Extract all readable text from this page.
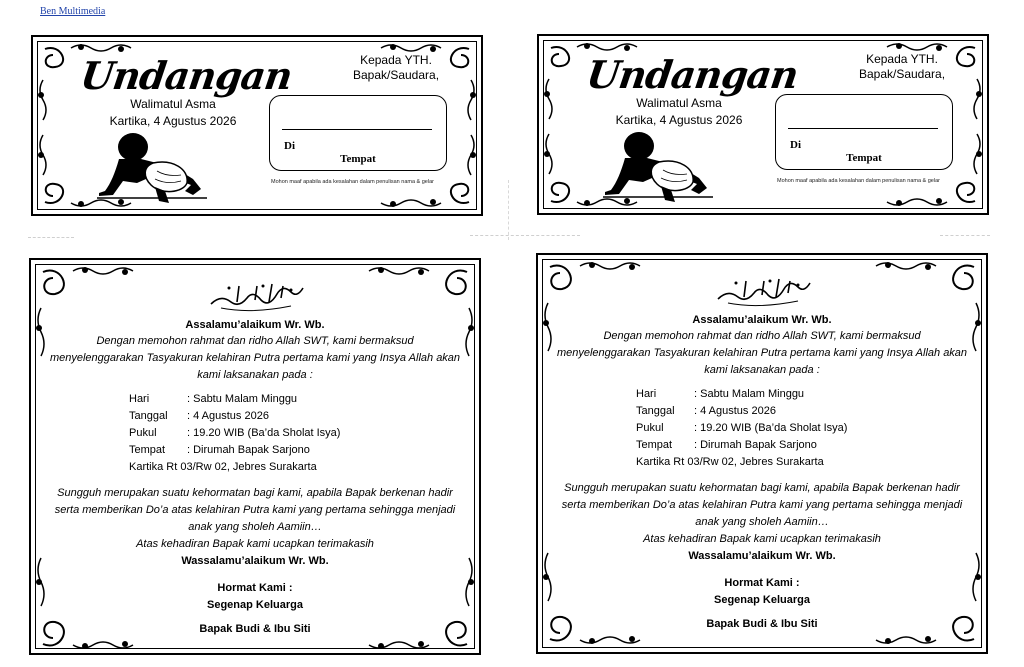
Ben Multimedia
Undangan
Walimatul Asma
Kartika, 4 Agustus 2026
Kepada YTH.
Bapak/Saudara,
Di
Tempat
Mohon maaf apabila ada kesalahan dalam penulisan nama & gelar
Undangan
Walimatul Asma
Kartika, 4 Agustus 2026
Kepada YTH.
Bapak/Saudara,
Di
Tempat
Mohon maaf apabila ada kesalahan dalam penulisan nama & gelar
Assalamu’alaikum Wr. Wb.
Dengan memohon rahmat dan ridho Allah SWT, kami bermaksud
menyelenggarakan Tasyakuran kelahiran Putra pertama kami yang Insya Allah akan
kami laksanakan pada :
Hari	: Sabtu Malam Minggu
Tanggal : 4 Agustus 2026
Pukul	: 19.20 WIB (Ba’da Sholat Isya)
Tempat : Dirumah Bapak Sarjono
Kartika Rt 03/Rw 02, Jebres Surakarta
Sungguh merupakan suatu kehormatan bagi kami, apabila Bapak berkenan hadir
serta memberikan Do’a atas kelahiran Putra kami yang pertama sehingga menjadi
anak yang sholeh Aamiin…
Atas kehadiran Bapak kami ucapkan terimakasih
Wassalamu’alaikum Wr. Wb.
Hormat Kami :
Segenap Keluarga
Bapak Budi & Ibu Siti
Assalamu’alaikum Wr. Wb.
Dengan memohon rahmat dan ridho Allah SWT, kami bermaksud
menyelenggarakan Tasyakuran kelahiran Putra pertama kami yang Insya Allah akan
kami laksanakan pada :
Hari	: Sabtu Malam Minggu
Tanggal : 4 Agustus 2026
Pukul	: 19.20 WIB (Ba’da Sholat Isya)
Tempat : Dirumah Bapak Sarjono
Kartika Rt 03/Rw 02, Jebres Surakarta
Sungguh merupakan suatu kehormatan bagi kami, apabila Bapak berkenan hadir
serta memberikan Do’a atas kelahiran Putra kami yang pertama sehingga menjadi
anak yang sholeh Aamiin…
Atas kehadiran Bapak kami ucapkan terimakasih
Wassalamu’alaikum Wr. Wb.
Hormat Kami :
Segenap Keluarga
Bapak Budi & Ibu Siti
